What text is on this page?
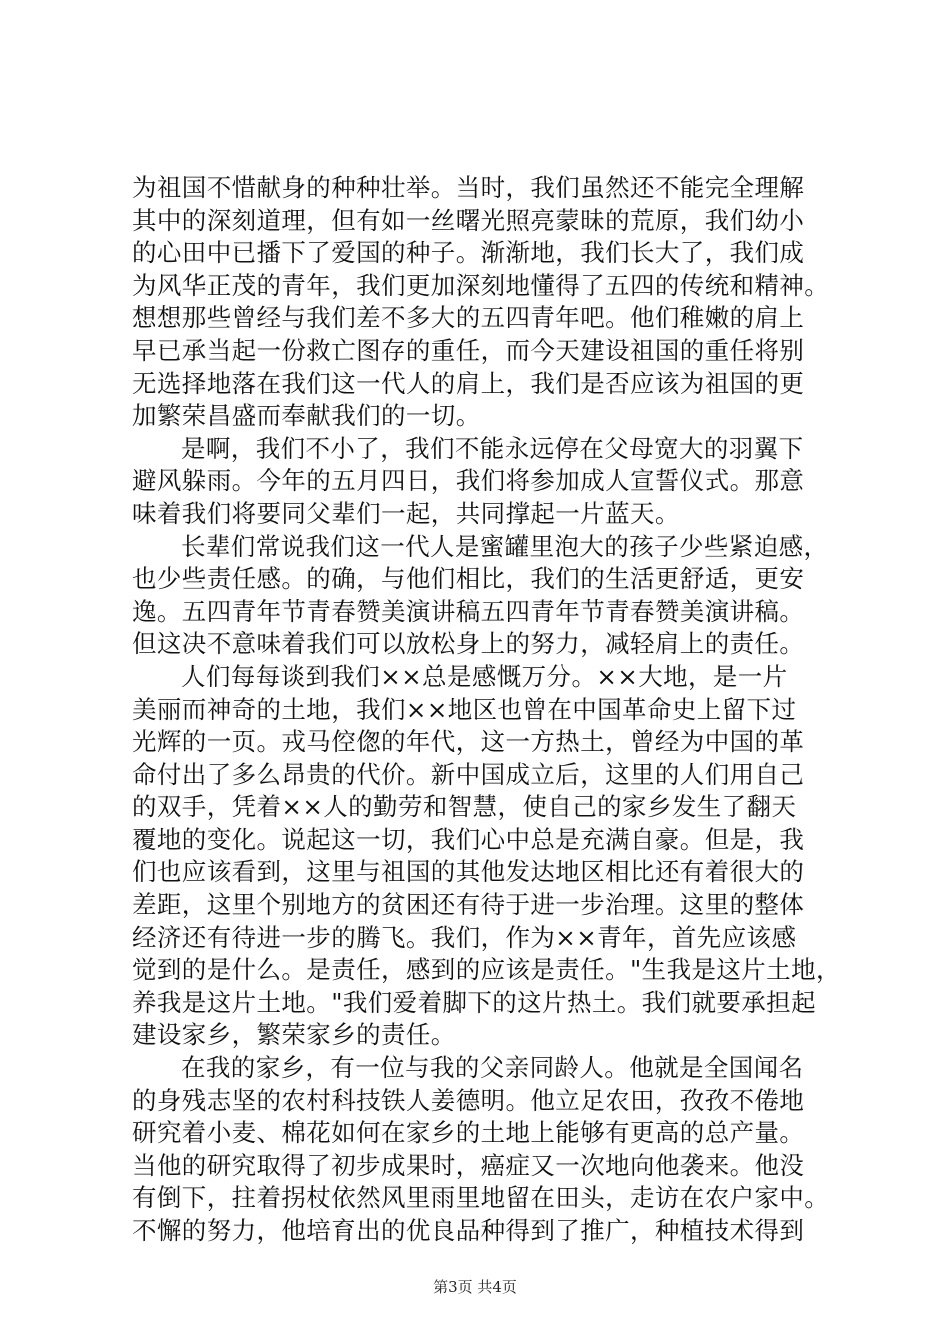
为祖国不惜献身的种种壮举。当时，我们虽然还不能完全理解
其中的深刻道理，但有如一丝曙光照亮蒙昧的荒原，我们幼小
的心田中已播下了爱国的种子。渐渐地，我们长大了，我们成
为风华正茂的青年，我们更加深刻地懂得了五四的传统和精神。
想想那些曾经与我们差不多大的五四青年吧。他们稚嫩的肩上
早已承当起一份救亡图存的重任，而今天建设祖国的重任将别
无选择地落在我们这一代人的肩上，我们是否应该为祖国的更
加繁荣昌盛而奉献我们的一切。
是啊，我们不小了，我们不能永远停在父母宽大的羽翼下
避风躲雨。今年的五月四日，我们将参加成人宣誓仪式。那意
味着我们将要同父辈们一起，共同撑起一片蓝天。
长辈们常说我们这一代人是蜜罐里泡大的孩子少些紧迫感，
也少些责任感。的确，与他们相比，我们的生活更舒适，更安
逸。五四青年节青春赞美演讲稿五四青年节青春赞美演讲稿。
但这决不意味着我们可以放松身上的努力，减轻肩上的责任。
人们每每谈到我们××总是感慨万分。××大地，是一片
美丽而神奇的土地，我们××地区也曾在中国革命史上留下过
光辉的一页。戎马倥偬的年代，这一方热土，曾经为中国的革
命付出了多么昂贵的代价。新中国成立后，这里的人们用自己
的双手，凭着××人的勤劳和智慧，使自己的家乡发生了翻天
覆地的变化。说起这一切，我们心中总是充满自豪。但是，我
们也应该看到，这里与祖国的其他发达地区相比还有着很大的
差距，这里个别地方的贫困还有待于进一步治理。这里的整体
经济还有待进一步的腾飞。我们，作为××青年，首先应该感
觉到的是什么。是责任，感到的应该是责任。"生我是这片土地，
养我是这片土地。"我们爱着脚下的这片热土。我们就要承担起
建设家乡，繁荣家乡的责任。
在我的家乡，有一位与我的父亲同龄人。他就是全国闻名
的身残志坚的农村科技铁人姜德明。他立足农田，孜孜不倦地
研究着小麦、棉花如何在家乡的土地上能够有更高的总产量。
当他的研究取得了初步成果时，癌症又一次地向他袭来。他没
有倒下，拄着拐杖依然风里雨里地留在田头，走访在农户家中。
不懈的努力，他培育出的优良品种得到了推广，种植技术得到
第3页 共4页
